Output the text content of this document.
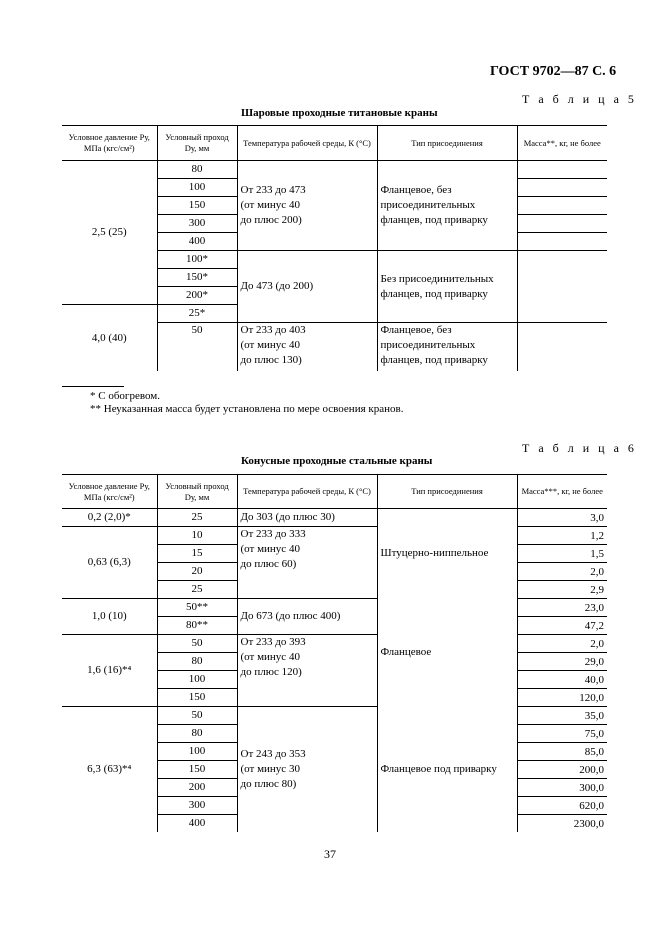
ГОСТ 9702—87 С. 6
Т а б л и ц а 5
Шаровые проходные титановые краны
Условное давление Pу, МПа (кгс/см²)	Условный проход Dу, мм	Температура рабочей среды, К (°С)	Тип присоединения	Масса**, кг, не более
2,5 (25)	80	От 233 до 473
(от минус 40
до плюс 200)	Фланцевое, без
присоединительных
фланцев, под приварку	
	100			
	150			
	300			
	400			
	100*	До 473 (до 200)	Без присоединительных
фланцев, под приварку	
	150*			
	200*			
4,0 (40)	25*			
	50	От 233 до 403
(от минус 40
до плюс 130)	Фланцевое, без
присоединительных
фланцев, под приварку	
* С обогревом.
** Неуказанная масса будет установлена по мере освоения кранов.
Т а б л и ц а 6
Конусные проходные стальные краны
Условное давление Pу, МПа (кгс/см²)	Условный проход Dу, мм	Температура рабочей среды, К (°С)	Тип присоединения	Масса***, кг, не более
0,2 (2,0)*	25	До 303 (до плюс 30)	Штуцерно-ниппельное	3,0
0,63 (6,3)	10	От 233 до 333
(от минус 40
до плюс 60)		1,2
	15			1,5
	20			2,0
	25			2,9
1,0 (10)	50**	До 673 (до плюс 400)	Фланцевое	23,0
	80**			47,2
1,6 (16)*⁴	50	От 233 до 393
(от минус 40
до плюс 120)		2,0
	80			29,0
	100			40,0
	150			120,0
6,3 (63)*⁴	50	От 243 до 353
(от минус 30
до плюс 80)	Фланцевое под приварку	35,0
	80			75,0
	100			85,0
	150			200,0
	200			300,0
	300			620,0
	400			2300,0
37
